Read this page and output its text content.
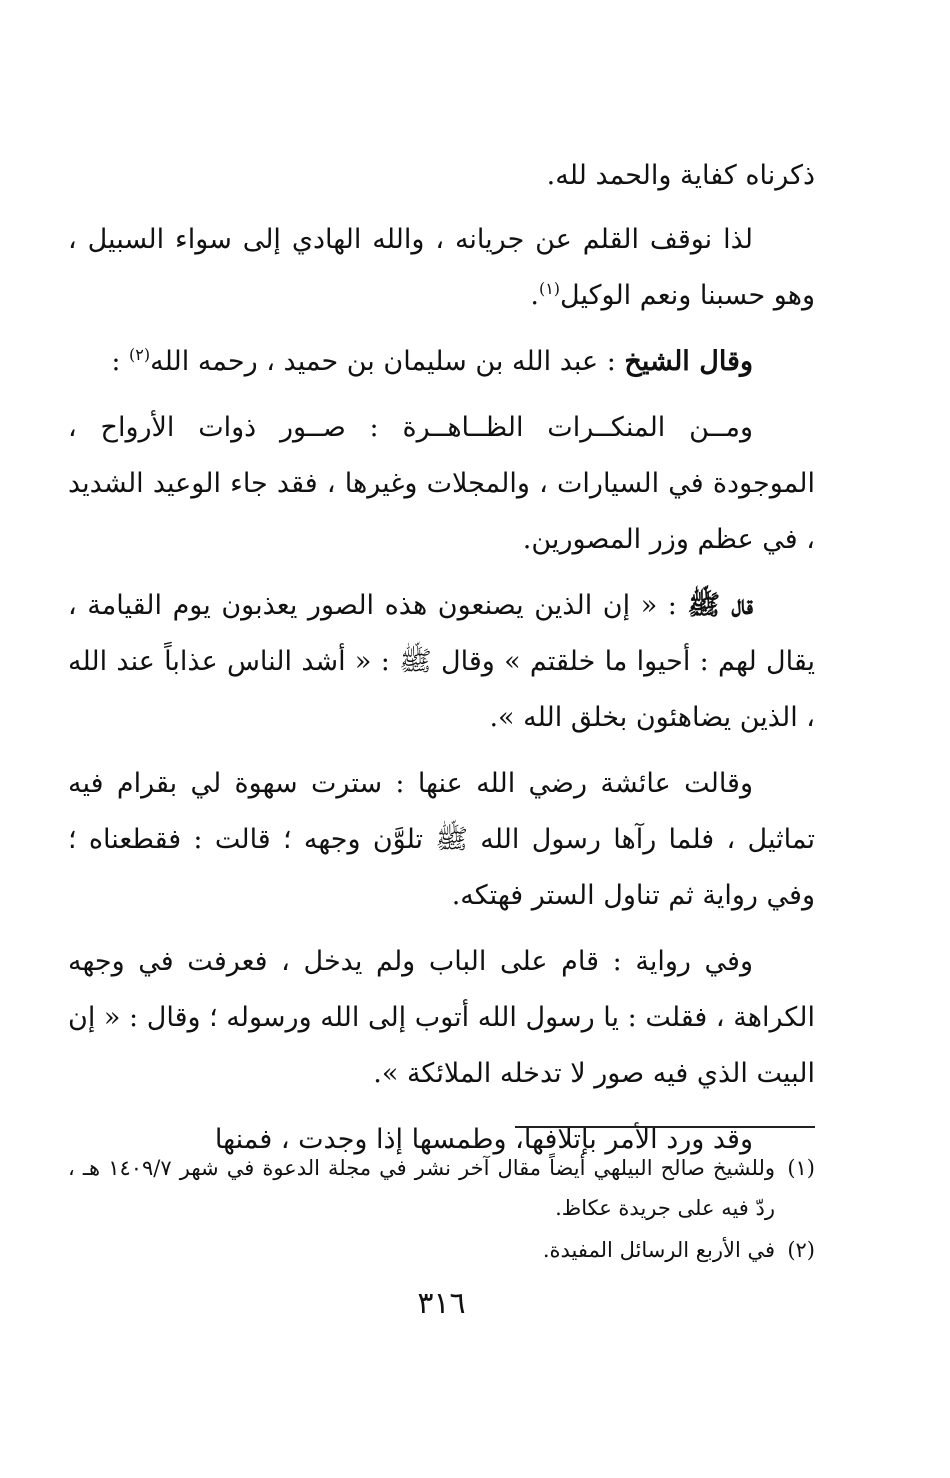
ذكرناه كفاية والحمد لله.

لذا نوقف القلم عن جريانه ، والله الهادي إلى سواء السبيل ، وهو حسبنا ونعم الوكيل$^{(١)}$.

وقال الشيخ : عبد الله بن سليمان بن حميد ، رحمه الله$^{(٢)}$ :

ومــن المنكــرات الظــاهــرة : صــور ذوات الأرواح ، الموجودة في السيارات ، والمجلات وغيرها ، فقد جاء الوعيد الشديد ، في عظم وزر المصورين.

قال ﷺ : « إن الذين يصنعون هذه الصور يعذبون يوم القيامة ، يقال لهم : أحيوا ما خلقتم » وقال ﷺ : « أشد الناس عذاباً عند الله ، الذين يضاهئون بخلق الله ».

وقالت عائشة رضي الله عنها : سترت سهوة لي بقرام فيه تماثيل ، فلما رآها رسول الله ﷺ تلوَّن وجهه ؛ قالت : فقطعناه ؛ وفي رواية ثم تناول الستر فهتكه.

وفي رواية : قام على الباب ولم يدخل ، فعرفت في وجهه الكراهة ، فقلت : يا رسول الله أتوب إلى الله ورسوله ؛ وقال : « إن البيت الذي فيه صور لا تدخله الملائكة ».

وقد ورد الأمر بإتلافها، وطمسها إذا وجدت ، فمنها

(١)
وللشيخ صالح البيلهي أيضاً مقال آخر نشر في مجلة الدعوة في شهر ١٤٠٩/٧ هـ ، ردّ فيه على جريدة عكاظ.

(٢)
في الأربع الرسائل المفيدة.

٣١٦
